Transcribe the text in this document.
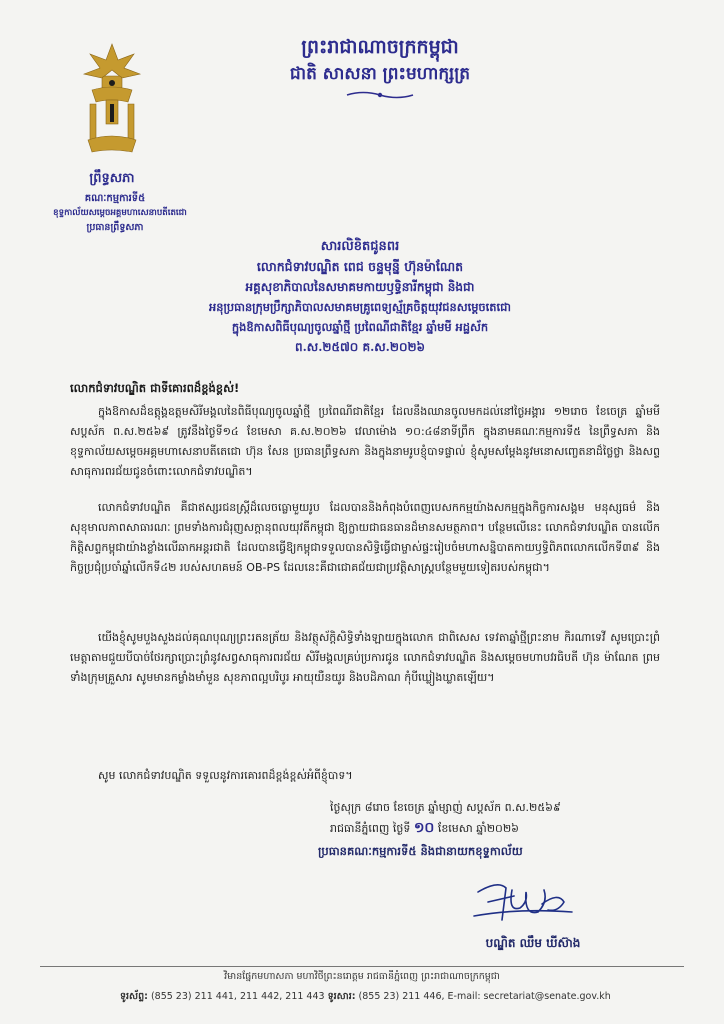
ព្រះរាជាណាចក្រកម្ពុជា
ជាតិ សាសនា ព្រះមហាក្សត្រ
ព្រឹទ្ធសភា
គណៈកម្មការទី៥
ខុទ្ទកាល័យសម្ដេចអគ្គមហាសេនាបតីតេជោ
ប្រធានព្រឹទ្ធសភា
សារលិខិតជូនពរ
លោកជំទាវបណ្ឌិត ពេជ ចន្ទមុន្នី ហ៊ុនម៉ាណែត
អគ្គសុខាភិបាលនៃសមាគមកាយឫទ្ធិនារីកម្ពុជា និងជា
អនុប្រធានក្រុមប្រឹក្សាភិបាលសមាគមគ្រូពេទ្យស្ម័គ្រចិត្តយុវជនសម្ដេចតេជោ
ក្នុងឱកាសពិធីបុណ្យចូលឆ្នាំថ្មី ប្រពៃណីជាតិខ្មែរ ឆ្នាំមមី អដ្ឋស័ក
ព.ស.២៥៧០ គ.ស.២០២៦
លោកជំទាវបណ្ឌិត ជាទីគោរពដ៏ខ្ពង់ខ្ពស់!
ក្នុងឱកាសដ៏ឧត្ដុង្គឧត្ដមសិរីមង្គលនៃពិធីបុណ្យចូលឆ្នាំថ្មី ប្រពៃណីជាតិខ្មែរ ដែលនឹងឈានចូលមកដល់នៅថ្ងៃអង្គារ ១២រោច ខែចេត្រ ឆ្នាំមមី សប្តស័ក ព.ស.២៥៦៩ ត្រូវនឹងថ្ងៃទី១៤ ខែមេសា គ.ស.២០២៦ វេលាម៉ោង ១០:៤៨នាទីព្រឹក ក្នុងនាមគណៈកម្មការទី៥ នៃព្រឹទ្ធសភា និងខុទ្ទកាល័យសម្ដេចអគ្គមហាសេនាបតីតេជោ ហ៊ុន សែន ប្រធានព្រឹទ្ធសភា និងក្នុងនាមរូបខ្ញុំបាទផ្ទាល់ ខ្ញុំសូមសម្ដែងនូវមនោសញ្ចេតនាដ៏ថ្លៃថ្លា និងសព្ទសាធុការពរជ័យជូនចំពោះលោកជំទាវបណ្ឌិត។
លោកជំទាវបណ្ឌិត គឺជាឥស្សរជនស្ត្រីដ៏លេចធ្លោមួយរូប ដែលបាននិងកំពុងបំពេញបេសកកម្មយ៉ាងសកម្មក្នុងកិច្ចការសង្គម មនុស្សធម៌ និងសុខុមាលភាពសាធារណៈ ព្រមទាំងការជំរុញសក្ដានុពលយុវតីកម្ពុជា ឱ្យក្លាយជាធនធានដ៏មានសមត្ថភាព។ បន្ថែមលើនេះ លោកជំទាវបណ្ឌិត បានលើកកិត្តិសព្ទកម្ពុជាយ៉ាងខ្លាំងលើឆាកអន្តរជាតិ ដែលបានធ្វើឱ្យកម្ពុជាទទួលបានសិទ្ធិធ្វើជាម្ចាស់ផ្ទះរៀបចំមហាសន្និបាតកាយឫទ្ធិពិភពលោកលើកទី៣៩ និងកិច្ចប្រជុំប្រចាំឆ្នាំលើកទី៤២ របស់សហគមន៍ OB-PS ដែលនេះគឺជាជោគជ័យជាប្រវត្តិសាស្ត្របន្ថែមមួយទៀតរបស់កម្ពុជា។
យើងខ្ញុំសូមបួងសួងដល់គុណបុណ្យព្រះរតនត្រ័យ និងវត្ថុស័ក្តិសិទ្ធិទាំងឡាយក្នុងលោក ជាពិសេស ទេវតាឆ្នាំថ្មីព្រះនាម កិរណាទេវី សូមប្រោះព្រំមេត្តាតាមជួយបីបាច់ថែរក្សាប្រោះព្រំនូវសព្វសាធុការពរជ័យ សិរីមង្គលគ្រប់ប្រការជូន លោកជំទាវបណ្ឌិត និងសម្ដេចមហាបវរធិបតី ហ៊ុន ម៉ាណែត ព្រមទាំងក្រុមគ្រួសារ សូមមានកម្លាំងមាំមួន សុខភាពល្អបរិបូរ អាយុយឺនយូរ និងបដិភាណ កុំបីឃ្លៀងឃ្លាតឡើយ។
សូម លោកជំទាវបណ្ឌិត ទទួលនូវការគោរពដ៏ខ្ពង់ខ្ពស់អំពីខ្ញុំបាទ។
ថ្ងៃសុក្រ ៨រោច ខែចេត្រ ឆ្នាំម្សាញ់ សប្តស័ក ព.ស.២៥៦៩
រាជធានីភ្នំពេញ ថ្ងៃទី ១០ ខែមេសា ឆ្នាំ២០២៦
ប្រធានគណៈកម្មការទី៥ និងជានាយកខុទ្ទកាល័យ
បណ្ឌិត ឈឹម ឃីស៊ាង
វិមានផ្នែកមហាសភា មហាវិថីព្រះនរោត្តម រាជធានីភ្នំពេញ ព្រះរាជាណាចក្រកម្ពុជា
ទូរស័ព្ទ: (855 23) 211 441, 211 442, 211 443 ទូរសារ: (855 23) 211 446, E-mail: secretariat@senate.gov.kh
